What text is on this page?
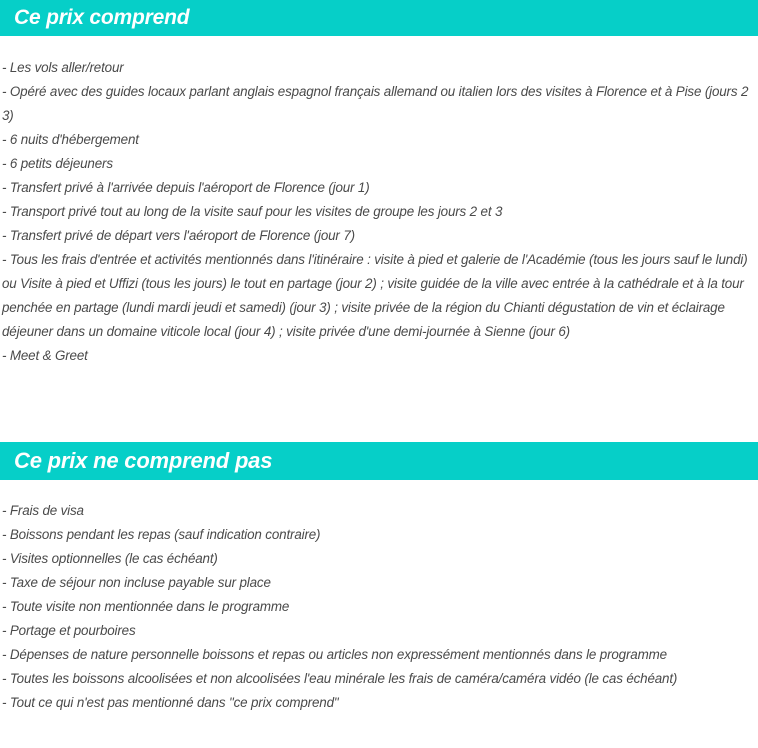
Ce prix comprend
- Les vols aller/retour
- Opéré avec des guides locaux parlant anglais espagnol français allemand ou italien lors des visites à Florence et à Pise (jours 2 3)
- 6 nuits d'hébergement
- 6 petits déjeuners
- Transfert privé à l'arrivée depuis l'aéroport de Florence (jour 1)
- Transport privé tout au long de la visite sauf pour les visites de groupe les jours 2 et 3
- Transfert privé de départ vers l'aéroport de Florence (jour 7)
- Tous les frais d'entrée et activités mentionnés dans l'itinéraire : visite à pied et galerie de l'Académie (tous les jours sauf le lundi) ou Visite à pied et Uffizi (tous les jours) le tout en partage (jour 2) ; visite guidée de la ville avec entrée à la cathédrale et à la tour penchée en partage (lundi mardi jeudi et samedi) (jour 3) ; visite privée de la région du Chianti dégustation de vin et éclairage déjeuner dans un domaine viticole local (jour 4) ; visite privée d'une demi-journée à Sienne (jour 6)
- Meet & Greet
Ce prix ne comprend pas
- Frais de visa
- Boissons pendant les repas (sauf indication contraire)
- Visites optionnelles (le cas échéant)
- Taxe de séjour non incluse payable sur place
- Toute visite non mentionnée dans le programme
- Portage et pourboires
- Dépenses de nature personnelle boissons et repas ou articles non expressément mentionnés dans le programme
- Toutes les boissons alcoolisées et non alcoolisées l'eau minérale les frais de caméra/caméra vidéo (le cas échéant)
- Tout ce qui n'est pas mentionné dans "ce prix comprend"
